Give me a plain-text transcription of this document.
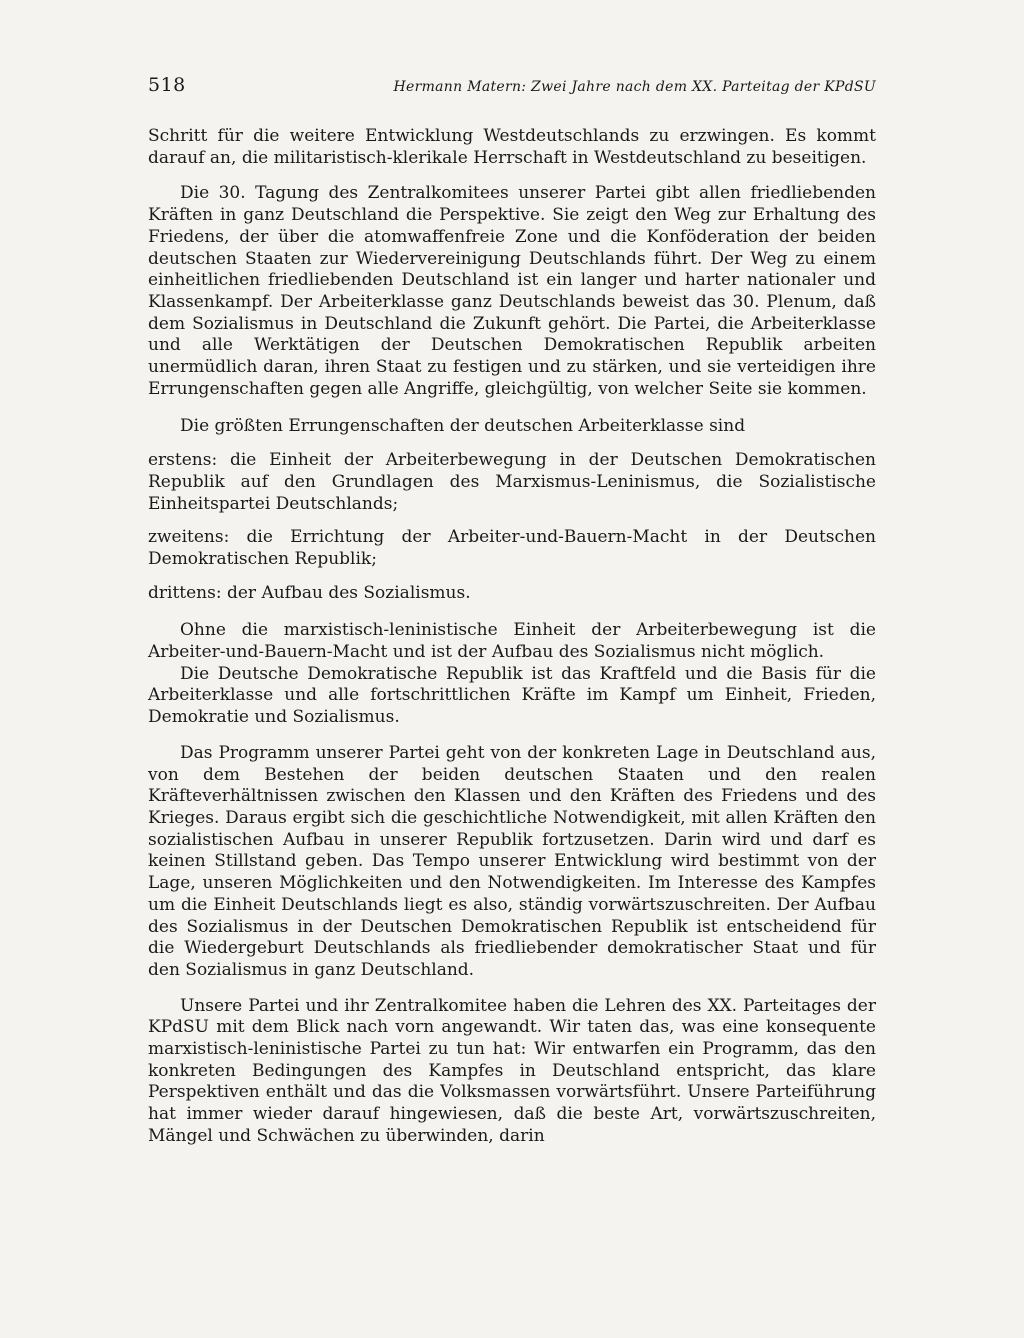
518	Hermann Matern: Zwei Jahre nach dem XX. Parteitag der KPdSU

Schritt für die weitere Entwicklung Westdeutschlands zu erzwingen. Es kommt darauf an, die militaristisch-klerikale Herrschaft in Westdeutschland zu beseitigen.

Die 30. Tagung des Zentralkomitees unserer Partei gibt allen friedliebenden Kräften in ganz Deutschland die Perspektive. Sie zeigt den Weg zur Erhaltung des Friedens, der über die atomwaffenfreie Zone und die Konföderation der beiden deutschen Staaten zur Wiedervereinigung Deutschlands führt. Der Weg zu einem einheitlichen friedliebenden Deutschland ist ein langer und harter nationaler und Klassenkampf. Der Arbeiterklasse ganz Deutschlands beweist das 30. Plenum, daß dem Sozialismus in Deutschland die Zukunft gehört. Die Partei, die Arbeiterklasse und alle Werktätigen der Deutschen Demokratischen Republik arbeiten unermüdlich daran, ihren Staat zu festigen und zu stärken, und sie verteidigen ihre Errungenschaften gegen alle Angriffe, gleichgültig, von welcher Seite sie kommen.

Die größten Errungenschaften der deutschen Arbeiterklasse sind

erstens: die Einheit der Arbeiterbewegung in der Deutschen Demokratischen Republik auf den Grundlagen des Marxismus-Leninismus, die Sozialistische Einheitspartei Deutschlands;

zweitens: die Errichtung der Arbeiter-und-Bauern-Macht in der Deutschen Demokratischen Republik;

drittens: der Aufbau des Sozialismus.

Ohne die marxistisch-leninistische Einheit der Arbeiterbewegung ist die Arbeiter-und-Bauern-Macht und ist der Aufbau des Sozialismus nicht möglich.

Die Deutsche Demokratische Republik ist das Kraftfeld und die Basis für die Arbeiterklasse und alle fortschrittlichen Kräfte im Kampf um Einheit, Frieden, Demokratie und Sozialismus.

Das Programm unserer Partei geht von der konkreten Lage in Deutschland aus, von dem Bestehen der beiden deutschen Staaten und den realen Kräfteverhältnissen zwischen den Klassen und den Kräften des Friedens und des Krieges. Daraus ergibt sich die geschichtliche Notwendigkeit, mit allen Kräften den sozialistischen Aufbau in unserer Republik fortzusetzen. Darin wird und darf es keinen Stillstand geben. Das Tempo unserer Entwicklung wird bestimmt von der Lage, unseren Möglichkeiten und den Notwendigkeiten. Im Interesse des Kampfes um die Einheit Deutschlands liegt es also, ständig vorwärtszuschreiten. Der Aufbau des Sozialismus in der Deutschen Demokratischen Republik ist entscheidend für die Wiedergeburt Deutschlands als friedliebender demokratischer Staat und für den Sozialismus in ganz Deutschland.

Unsere Partei und ihr Zentralkomitee haben die Lehren des XX. Parteitages der KPdSU mit dem Blick nach vorn angewandt. Wir taten das, was eine konsequente marxistisch-leninistische Partei zu tun hat: Wir entwarfen ein Programm, das den konkreten Bedingungen des Kampfes in Deutschland entspricht, das klare Perspektiven enthält und das die Volksmassen vorwärtsführt. Unsere Parteiführung hat immer wieder darauf hingewiesen, daß die beste Art, vorwärtszuschreiten, Mängel und Schwächen zu überwinden, darin
